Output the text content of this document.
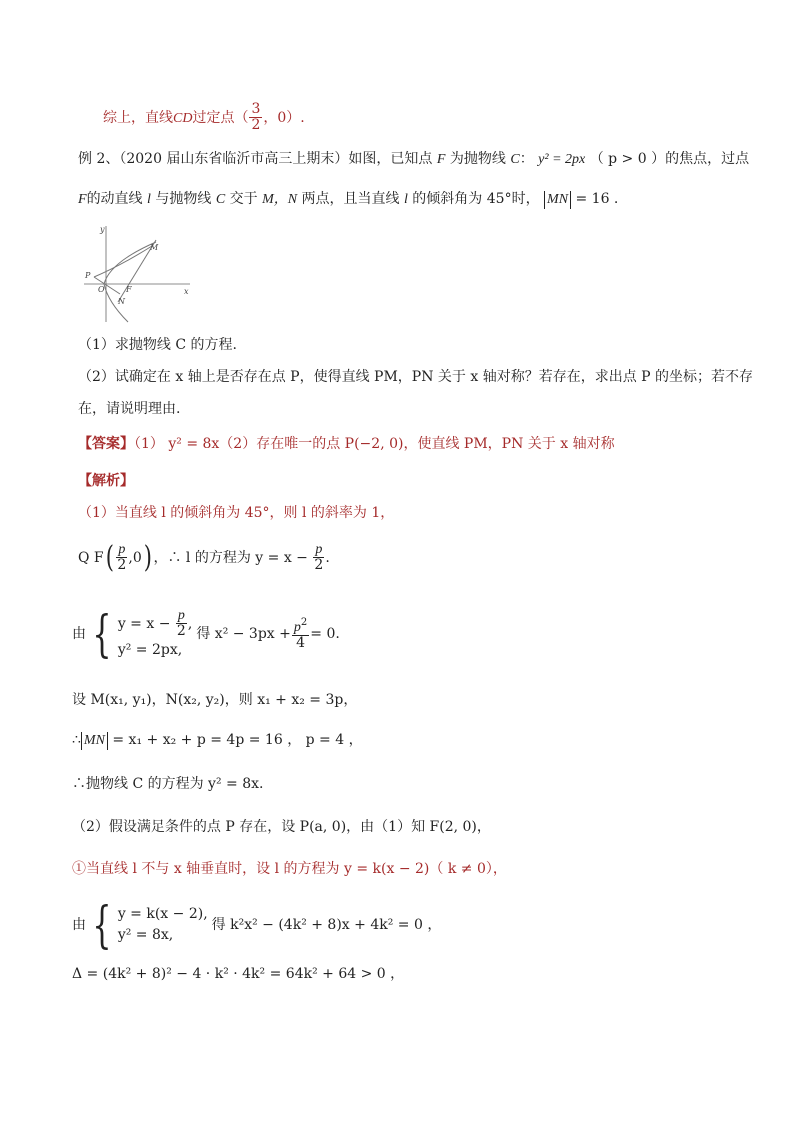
综上，直线CD过定点（ $\frac{3}{2}$ ，0）.
例 2、（2020 届山东省临沂市高三上期末）如图，已知点 F 为抛物线 C： y² = 2px （ p > 0 ）的焦点，过点
F的动直线 l 与抛物线 C 交于 M，N 两点，且当直线 l 的倾斜角为 45°时， MN = 16 .
y
x
M
P
O	F
N
（1）求抛物线 C 的方程.
（2）试确定在 x 轴上是否存在点 P，使得直线 PM，PN 关于 x 轴对称？若存在，求出点 P 的坐标；若不存
在，请说明理由.
【答案】（1） y² = 8x（2）存在唯一的点 P(−2, 0)，使直线 PM，PN 关于 x 轴对称
【解析】
（1）当直线 l 的倾斜角为 45°，则 l 的斜率为 1，
Q $F( \frac{p}{2} ,0)$ ，∴ l 的方程为 $y = x - \frac{p}{2}$ .
由 { $y = x - \frac{p}{2}$ ,
y² = 2px,
得 $x^2 - 3px + \frac{p^2}{4} = 0$.
设 M(x₁, y₁)，N(x₂, y₂)，则 x₁ + x₂ = 3p，
∴ MN = x₁ + x₂ + p = 4p = 16 ， p = 4 ，
∴抛物线 C 的方程为 y² = 8x.
（2）假设满足条件的点 P 存在，设 P(a, 0)，由（1）知 F(2, 0)，
①当直线 l 不与 x 轴垂直时，设 l 的方程为 y = k(x − 2)（ k ≠ 0），
由 { y = k(x − 2),
y² = 8x,
得 k²x² − (4k² + 8)x + 4k² = 0 ，
Δ = (4k² + 8)² − 4 · k² · 4k² = 64k² + 64 > 0 ，
